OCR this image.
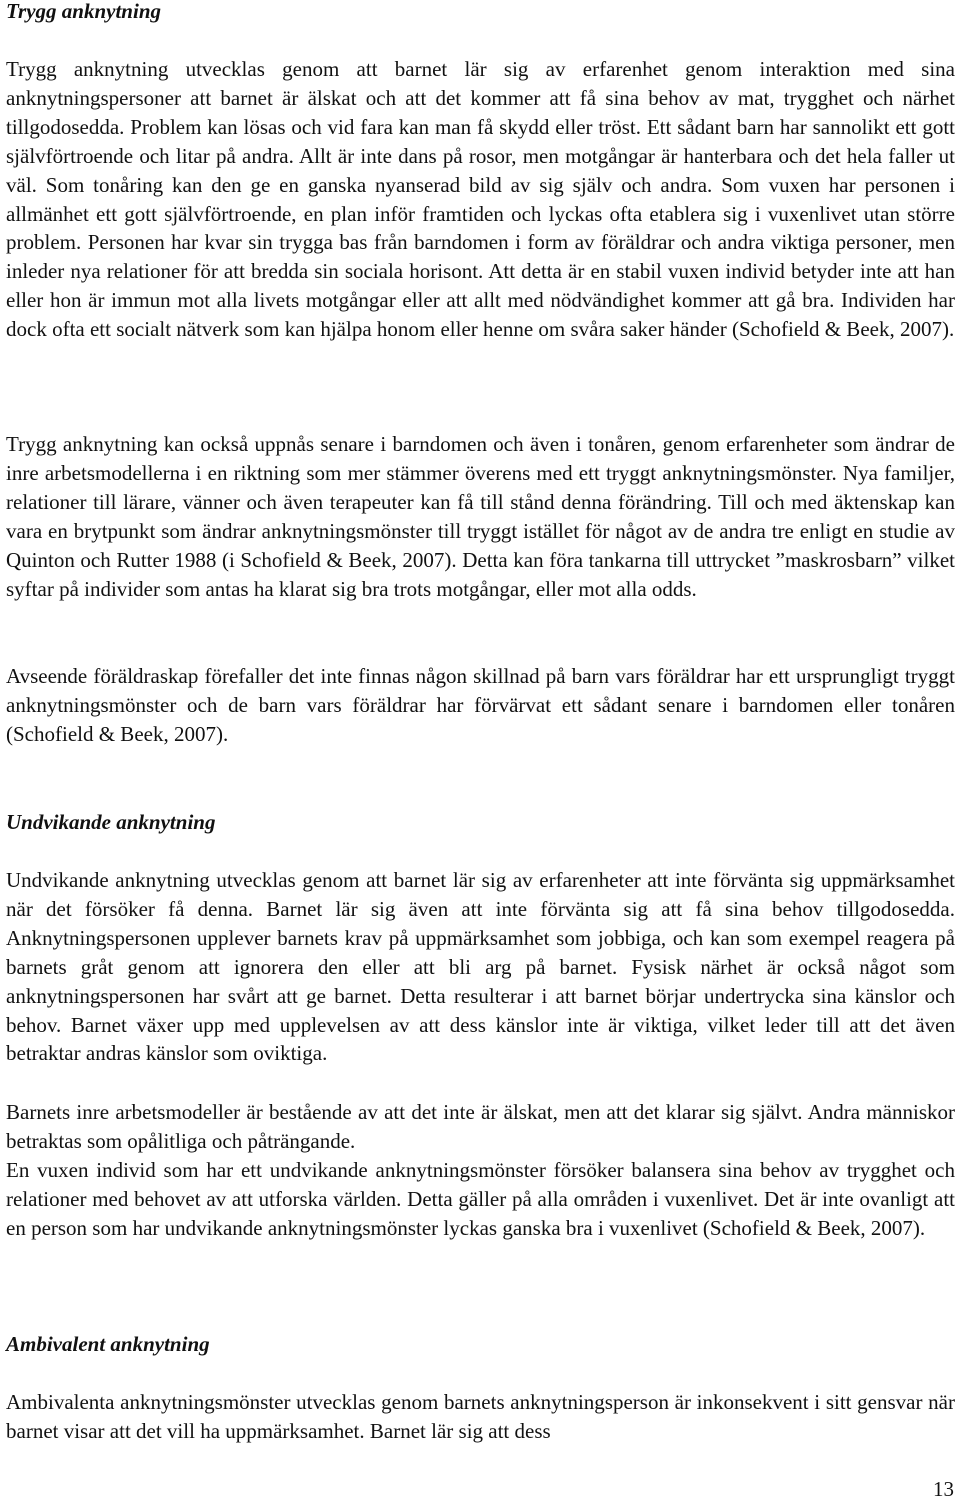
Trygg anknytning

Trygg anknytning utvecklas genom att barnet lär sig av erfarenhet genom interaktion med sina anknytningspersoner att barnet är älskat och att det kommer att få sina behov av mat, trygghet och närhet tillgodosedda. Problem kan lösas och vid fara kan man få skydd eller tröst. Ett sådant barn har sannolikt ett gott självförtroende och litar på andra. Allt är inte dans på rosor, men motgångar är hanterbara och det hela faller ut väl. Som tonåring kan den ge en ganska nyanserad bild av sig själv och andra. Som vuxen har personen i allmänhet ett gott självförtroende, en plan inför framtiden och lyckas ofta etablera sig i vuxenlivet utan större problem. Personen har kvar sin trygga bas från barndomen i form av föräldrar och andra viktiga personer, men inleder nya relationer för att bredda sin sociala horisont. Att detta är en stabil vuxen individ betyder inte att han eller hon är immun mot alla livets motgångar eller att allt med nödvändighet kommer att gå bra. Individen har dock ofta ett socialt nätverk som kan hjälpa honom eller henne om svåra saker händer (Schofield & Beek, 2007).

Trygg anknytning kan också uppnås senare i barndomen och även i tonåren, genom erfarenheter som ändrar de inre arbetsmodellerna i en riktning som mer stämmer överens med ett tryggt anknytningsmönster. Nya familjer, relationer till lärare, vänner och även terapeuter kan få till stånd denna förändring. Till och med äktenskap kan vara en brytpunkt som ändrar anknytningsmönster till tryggt istället för något av de andra tre enligt en studie av Quinton och Rutter 1988 (i Schofield & Beek, 2007). Detta kan föra tankarna till uttrycket ”maskrosbarn” vilket syftar på individer som antas ha klarat sig bra trots motgångar, eller mot alla odds.

Avseende föräldraskap förefaller det inte finnas någon skillnad på barn vars föräldrar har ett ursprungligt tryggt anknytningsmönster och de barn vars föräldrar har förvärvat ett sådant senare i barndomen eller tonåren (Schofield & Beek, 2007).

Undvikande anknytning

Undvikande anknytning utvecklas genom att barnet lär sig av erfarenheter att inte förvänta sig uppmärksamhet när det försöker få denna. Barnet lär sig även att inte förvänta sig att få sina behov tillgodosedda. Anknytningspersonen upplever barnets krav på uppmärksamhet som jobbiga, och kan som exempel reagera på barnets gråt genom att ignorera den eller att bli arg på barnet. Fysisk närhet är också något som anknytningspersonen har svårt att ge barnet. Detta resulterar i att barnet börjar undertrycka sina känslor och behov. Barnet växer upp med upplevelsen av att dess känslor inte är viktiga, vilket leder till att det även betraktar andras känslor som oviktiga.

Barnets inre arbetsmodeller är bestående av att det inte är älskat, men att det klarar sig självt. Andra människor betraktas som opålitliga och påträngande.

En vuxen individ som har ett undvikande anknytningsmönster försöker balansera sina behov av trygghet och relationer med behovet av att utforska världen. Detta gäller på alla områden i vuxenlivet. Det är inte ovanligt att en person som har undvikande anknytningsmönster lyckas ganska bra i vuxenlivet (Schofield & Beek, 2007).

Ambivalent anknytning

Ambivalenta anknytningsmönster utvecklas genom barnets anknytningsperson är inkonsekvent i sitt gensvar när barnet visar att det vill ha uppmärksamhet. Barnet lär sig att dess

13
